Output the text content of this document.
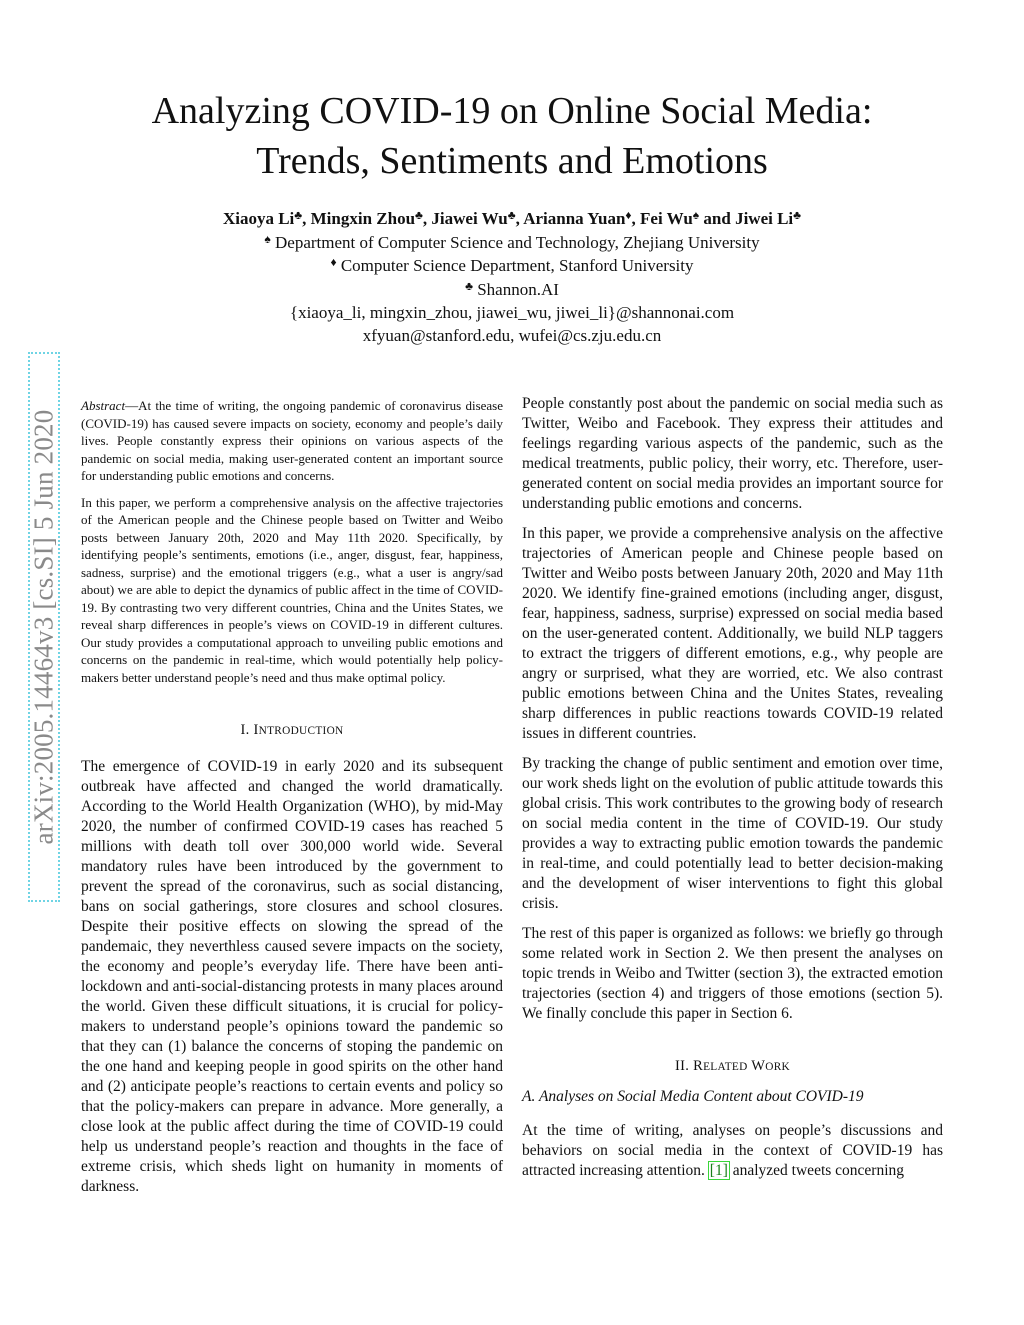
Analyzing COVID-19 on Online Social Media:
Trends, Sentiments and Emotions
Xiaoya Li♣, Mingxin Zhou♣, Jiawei Wu♣, Arianna Yuan♦, Fei Wu♠ and Jiwei Li♣
♠ Department of Computer Science and Technology, Zhejiang University
♦ Computer Science Department, Stanford University
♣ Shannon.AI
{xiaoya_li, mingxin_zhou, jiawei_wu, jiwei_li}@shannonai.com
xfyuan@stanford.edu, wufei@cs.zju.edu.cn
arXiv:2005.14464v3 [cs.SI] 5 Jun 2020

Abstract—At the time of writing, the ongoing pandemic of coronavirus disease (COVID-19) has caused severe impacts on society, economy and people’s daily lives. People constantly express their opinions on various aspects of the pandemic on social media, making user-generated content an important source for understanding public emotions and concerns.

In this paper, we perform a comprehensive analysis on the affective trajectories of the American people and the Chinese people based on Twitter and Weibo posts between January 20th, 2020 and May 11th 2020. Specifically, by identifying people’s sentiments, emotions (i.e., anger, disgust, fear, happiness, sadness, surprise) and the emotional triggers (e.g., what a user is angry/sad about) we are able to depict the dynamics of public affect in the time of COVID-19. By contrasting two very different countries, China and the Unites States, we reveal sharp differences in people’s views on COVID-19 in different cultures. Our study provides a computational approach to unveiling public emotions and concerns on the pandemic in real-time, which would potentially help policy-makers better understand people’s need and thus make optimal policy.

I. INTRODUCTION

The emergence of COVID-19 in early 2020 and its subsequent outbreak have affected and changed the world dramatically. According to the World Health Organization (WHO), by mid-May 2020, the number of confirmed COVID-19 cases has reached 5 millions with death toll over 300,000 world wide. Several mandatory rules have been introduced by the government to prevent the spread of the coronavirus, such as social distancing, bans on social gatherings, store closures and school closures. Despite their positive effects on slowing the spread of the pandemaic, they neverthless caused severe impacts on the society, the economy and people’s everyday life. There have been anti-lockdown and anti-social-distancing protests in many places around the world. Given these difficult situations, it is crucial for policy-makers to understand people’s opinions toward the pandemic so that they can (1) balance the concerns of stoping the pandemic on the one hand and keeping people in good spirits on the other hand and (2) anticipate people’s reactions to certain events and policy so that the policy-makers can prepare in advance. More generally, a close look at the public affect during the time of COVID-19 could help us understand people’s reaction and thoughts in the face of extreme crisis, which sheds light on humanity in moments of darkness.

People constantly post about the pandemic on social media such as Twitter, Weibo and Facebook. They express their attitudes and feelings regarding various aspects of the pandemic, such as the medical treatments, public policy, their worry, etc. Therefore, user-generated content on social media provides an important source for understanding public emotions and concerns.

In this paper, we provide a comprehensive analysis on the affective trajectories of American people and Chinese people based on Twitter and Weibo posts between January 20th, 2020 and May 11th 2020. We identify fine-grained emotions (including anger, disgust, fear, happiness, sadness, surprise) expressed on social media based on the user-generated content. Additionally, we build NLP taggers to extract the triggers of different emotions, e.g., why people are angry or surprised, what they are worried, etc. We also contrast public emotions between China and the Unites States, revealing sharp differences in public reactions towards COVID-19 related issues in different countries.

By tracking the change of public sentiment and emotion over time, our work sheds light on the evolution of public attitude towards this global crisis. This work contributes to the growing body of research on social media content in the time of COVID-19. Our study provides a way to extracting public emotion towards the pandemic in real-time, and could potentially lead to better decision-making and the development of wiser interventions to fight this global crisis.

The rest of this paper is organized as follows: we briefly go through some related work in Section 2. We then present the analyses on topic trends in Weibo and Twitter (section 3), the extracted emotion trajectories (section 4) and triggers of those emotions (section 5). We finally conclude this paper in Section 6.

II. RELATED WORK
A. Analyses on Social Media Content about COVID-19

At the time of writing, analyses on people’s discussions and behaviors on social media in the context of COVID-19 has attracted increasing attention. [1] analyzed tweets concerning
